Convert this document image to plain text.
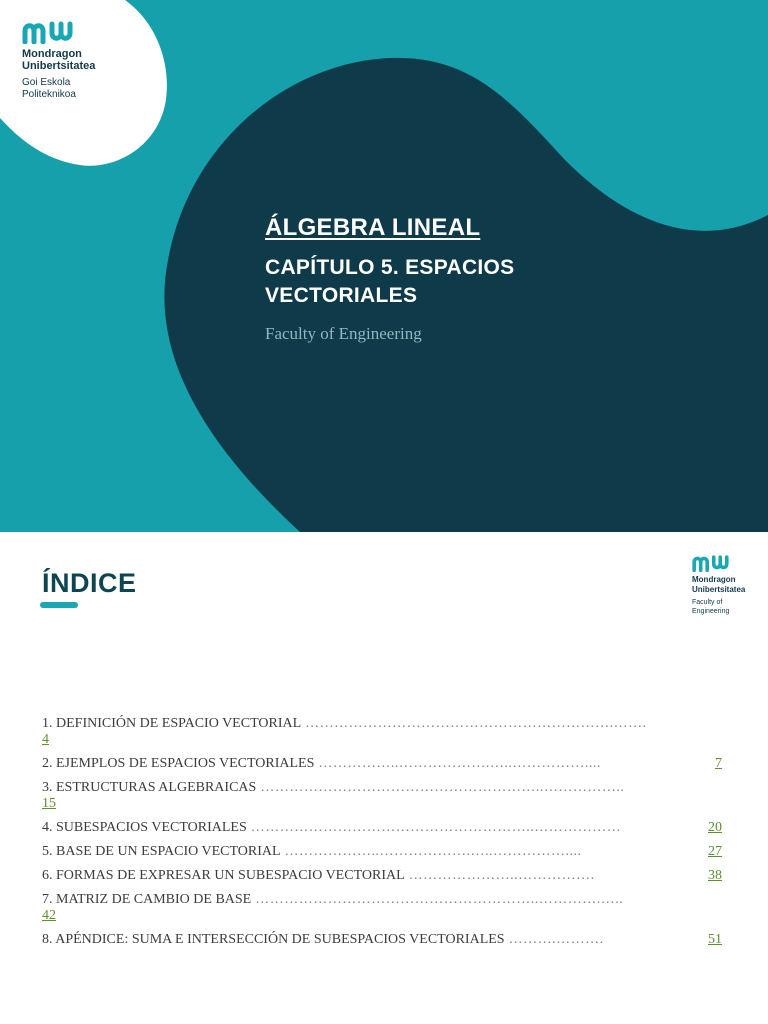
Mondragon
Unibertsitatea
Goi Eskola
Politeknikoa
ÁLGEBRA LINEAL
CAPÍTULO 5. ESPACIOS VECTORIALES
Faculty of Engineering
ÍNDICE	Mondragon
Unibertsitatea
Faculty of
Engineering
1. DEFINICIÓN DE ESPACIO VECTORIAL ……………………………………………………….…….
4
2. EJEMPLOS DE ESPACIOS VECTORIALES ……………..……………….…..……………....	7
3. ESTRUCTURAS ALGEBRAICAS …………………………………………………..……………..
15
4. SUBESPACIOS VECTORIALES …………………………………………………..………………	20
5. BASE DE UN ESPACIO VECTORIAL ………………..……………….…..……………....	27
6. FORMAS DE EXPRESAR UN SUBESPACIO VECTORIAL …………………..…………….	38
7. MATRIZ DE CAMBIO DE BASE …………………………………………………..………….…..
42
8. APÉNDICE: SUMA E INTERSECCIÓN DE SUBESPACIOS VECTORIALES ……….……….	51
